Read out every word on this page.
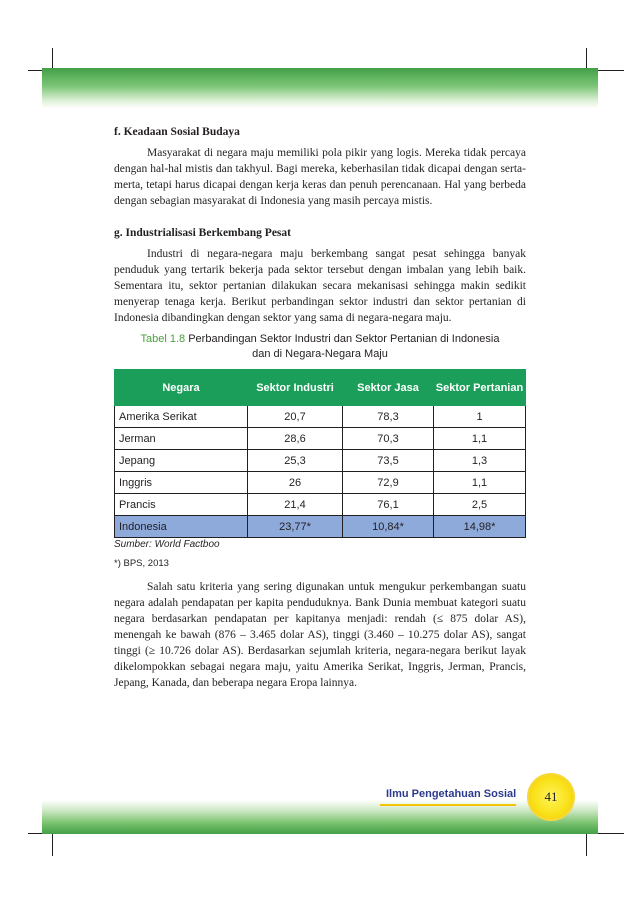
f. Keadaan Sosial Budaya

Masyarakat di negara maju memiliki pola pikir yang logis. Mereka tidak percaya dengan hal-hal mistis dan takhyul. Bagi mereka, keberhasilan tidak dicapai dengan serta-merta, tetapi harus dicapai dengan kerja keras dan penuh perencanaan. Hal yang berbeda dengan sebagian masyarakat di Indonesia yang masih percaya mistis.

g. Industrialisasi Berkembang Pesat

Industri di negara-negara maju berkembang sangat pesat sehingga banyak penduduk yang tertarik bekerja pada sektor tersebut dengan imbalan yang lebih baik. Sementara itu, sektor pertanian dilakukan secara mekanisasi sehingga makin sedikit menyerap tenaga kerja. Berikut perbandingan sektor industri dan sektor pertanian di Indonesia dibandingkan dengan sektor yang sama di negara-negara maju.

Tabel 1.8 Perbandingan Sektor Industri dan Sektor Pertanian di Indonesia
dan di Negara-Negara Maju
Negara	Sektor Industri	Sektor Jasa	Sektor Pertanian
Amerika Serikat	20,7	78,3	1
Jerman	28,6	70,3	1,1
Jepang	25,3	73,5	1,3
Inggris	26	72,9	1,1
Prancis	21,4	76,1	2,5
Indonesia	23,77*	10,84*	14,98*
Sumber: World Factboo
*) BPS, 2013

Salah satu kriteria yang sering digunakan untuk mengukur perkembangan suatu negara adalah pendapatan per kapita penduduknya. Bank Dunia membuat kategori suatu negara berdasarkan pendapatan per kapitanya menjadi: rendah (≤ 875 dolar AS), menengah ke bawah (876 – 3.465 dolar AS), tinggi (3.460 – 10.275 dolar AS), sangat tinggi (≥ 10.726 dolar AS). Berdasarkan sejumlah kriteria, negara-negara berikut layak dikelompokkan sebagai negara maju, yaitu Amerika Serikat, Inggris, Jerman, Prancis, Jepang, Kanada, dan beberapa negara Eropa lainnya.

Ilmu Pengetahuan Sosial 41
